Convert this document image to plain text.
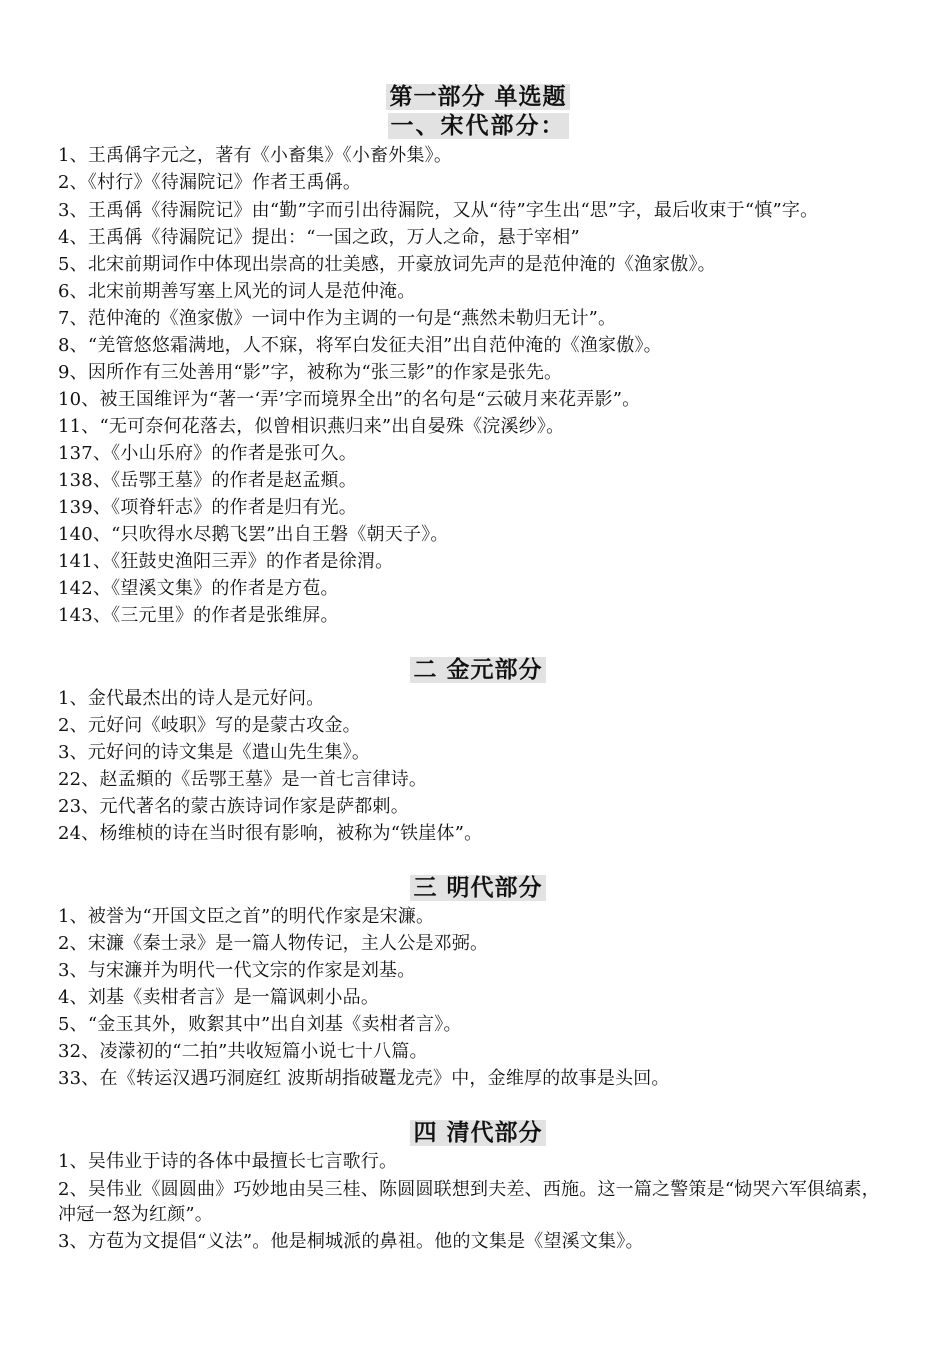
第一部分 单选题
一、宋代部分：

1、王禹偁字元之，著有《小畜集》《小畜外集》。

2、《村行》《待漏院记》作者王禹偁。

3、王禹偁《待漏院记》由“勤”字而引出待漏院，又从“待”字生出“思”字，最后收束于“慎”字。

4、王禹偁《待漏院记》提出：“一国之政，万人之命，悬于宰相”

5、北宋前期词作中体现出崇高的壮美感，开豪放词先声的是范仲淹的《渔家傲》。

6、北宋前期善写塞上风光的词人是范仲淹。

7、范仲淹的《渔家傲》一词中作为主调的一句是“燕然未勒归无计”。

8、“羌管悠悠霜满地，人不寐，将军白发征夫泪”出自范仲淹的《渔家傲》。

9、因所作有三处善用“影”字，被称为“张三影”的作家是张先。

10、被王国维评为“著一‘弄’字而境界全出”的名句是“云破月来花弄影”。

11、“无可奈何花落去，似曾相识燕归来”出自晏殊《浣溪纱》。

137、《小山乐府》的作者是张可久。

138、《岳鄂王墓》的作者是赵孟頫。

139、《项脊轩志》的作者是归有光。

140、“只吹得水尽鹅飞罢”出自王磐《朝天子》。

141、《狂鼓史渔阳三弄》的作者是徐渭。

142、《望溪文集》的作者是方苞。

143、《三元里》的作者是张维屏。

二 金元部分

1、金代最杰出的诗人是元好问。

2、元好问《岐职》写的是蒙古攻金。

3、元好问的诗文集是《遣山先生集》。

22、赵孟頫的《岳鄂王墓》是一首七言律诗。

23、元代著名的蒙古族诗词作家是萨都剌。

24、杨维桢的诗在当时很有影响，被称为“铁崖体”。

三 明代部分

1、被誉为“开国文臣之首”的明代作家是宋濂。

2、宋濂《秦士录》是一篇人物传记，主人公是邓弼。

3、与宋濂并为明代一代文宗的作家是刘基。

4、刘基《卖柑者言》是一篇讽刺小品。

5、“金玉其外，败絮其中”出自刘基《卖柑者言》。

32、凌濛初的“二拍”共收短篇小说七十八篇。

33、在《转运汉遇巧洞庭红 波斯胡指破鼍龙壳》中，金维厚的故事是头回。

四 清代部分

1、吴伟业于诗的各体中最擅长七言歌行。

2、吴伟业《圆圆曲》巧妙地由吴三桂、陈圆圆联想到夫差、西施。这一篇之警策是“恸哭六军俱缟素，冲冠一怒为红颜”。

3、方苞为文提倡“义法”。他是桐城派的鼻祖。他的文集是《望溪文集》。
